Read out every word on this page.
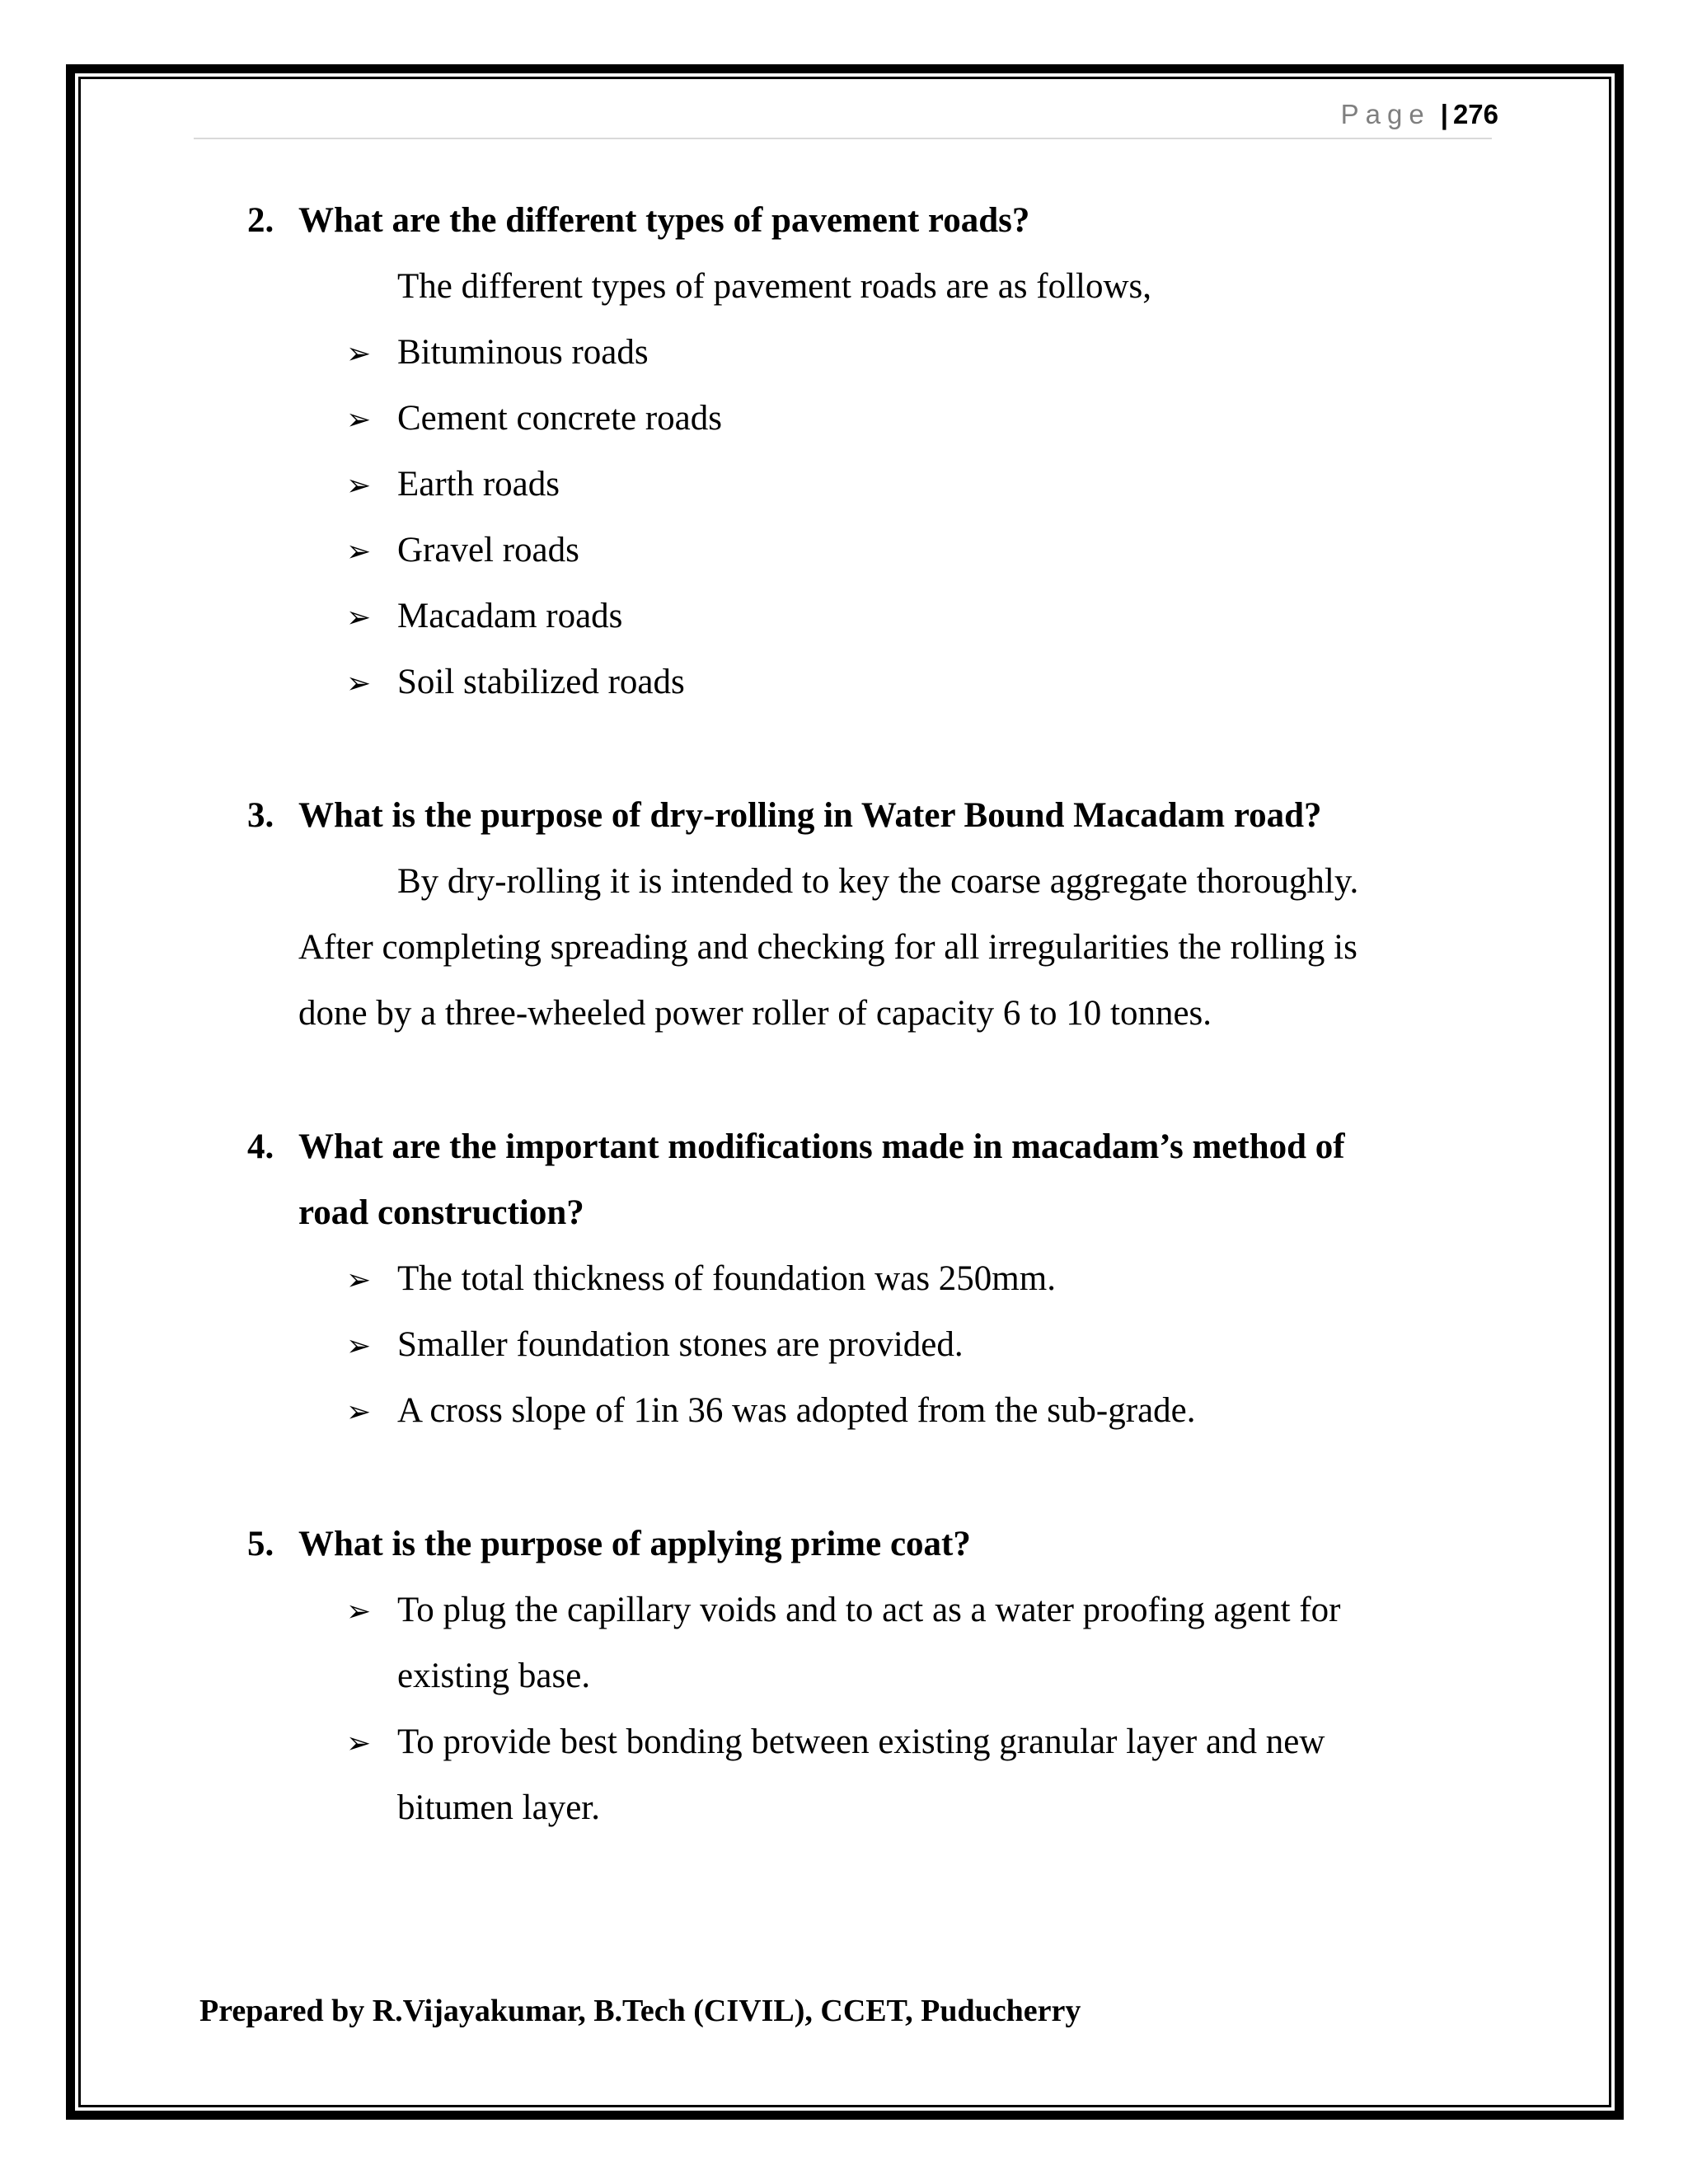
Page | 276
2. What are the different types of pavement roads?
The different types of pavement roads are as follows,
➢ Bituminous roads
➢ Cement concrete roads
➢ Earth roads
➢ Gravel roads
➢ Macadam roads
➢ Soil stabilized roads
3. What is the purpose of dry-rolling in Water Bound Macadam road?
By dry-rolling it is intended to key the coarse aggregate thoroughly.
After completing spreading and checking for all irregularities the rolling is
done by a three-wheeled power roller of capacity 6 to 10 tonnes.
4. What are the important modifications made in macadam’s method of
road construction?
➢ The total thickness of foundation was 250mm.
➢ Smaller foundation stones are provided.
➢ A cross slope of 1in 36 was adopted from the sub-grade.
5. What is the purpose of applying prime coat?
➢ To plug the capillary voids and to act as a water proofing agent for
existing base.
➢ To provide best bonding between existing granular layer and new
bitumen layer.
Prepared by R.Vijayakumar, B.Tech (CIVIL), CCET, Puducherry
